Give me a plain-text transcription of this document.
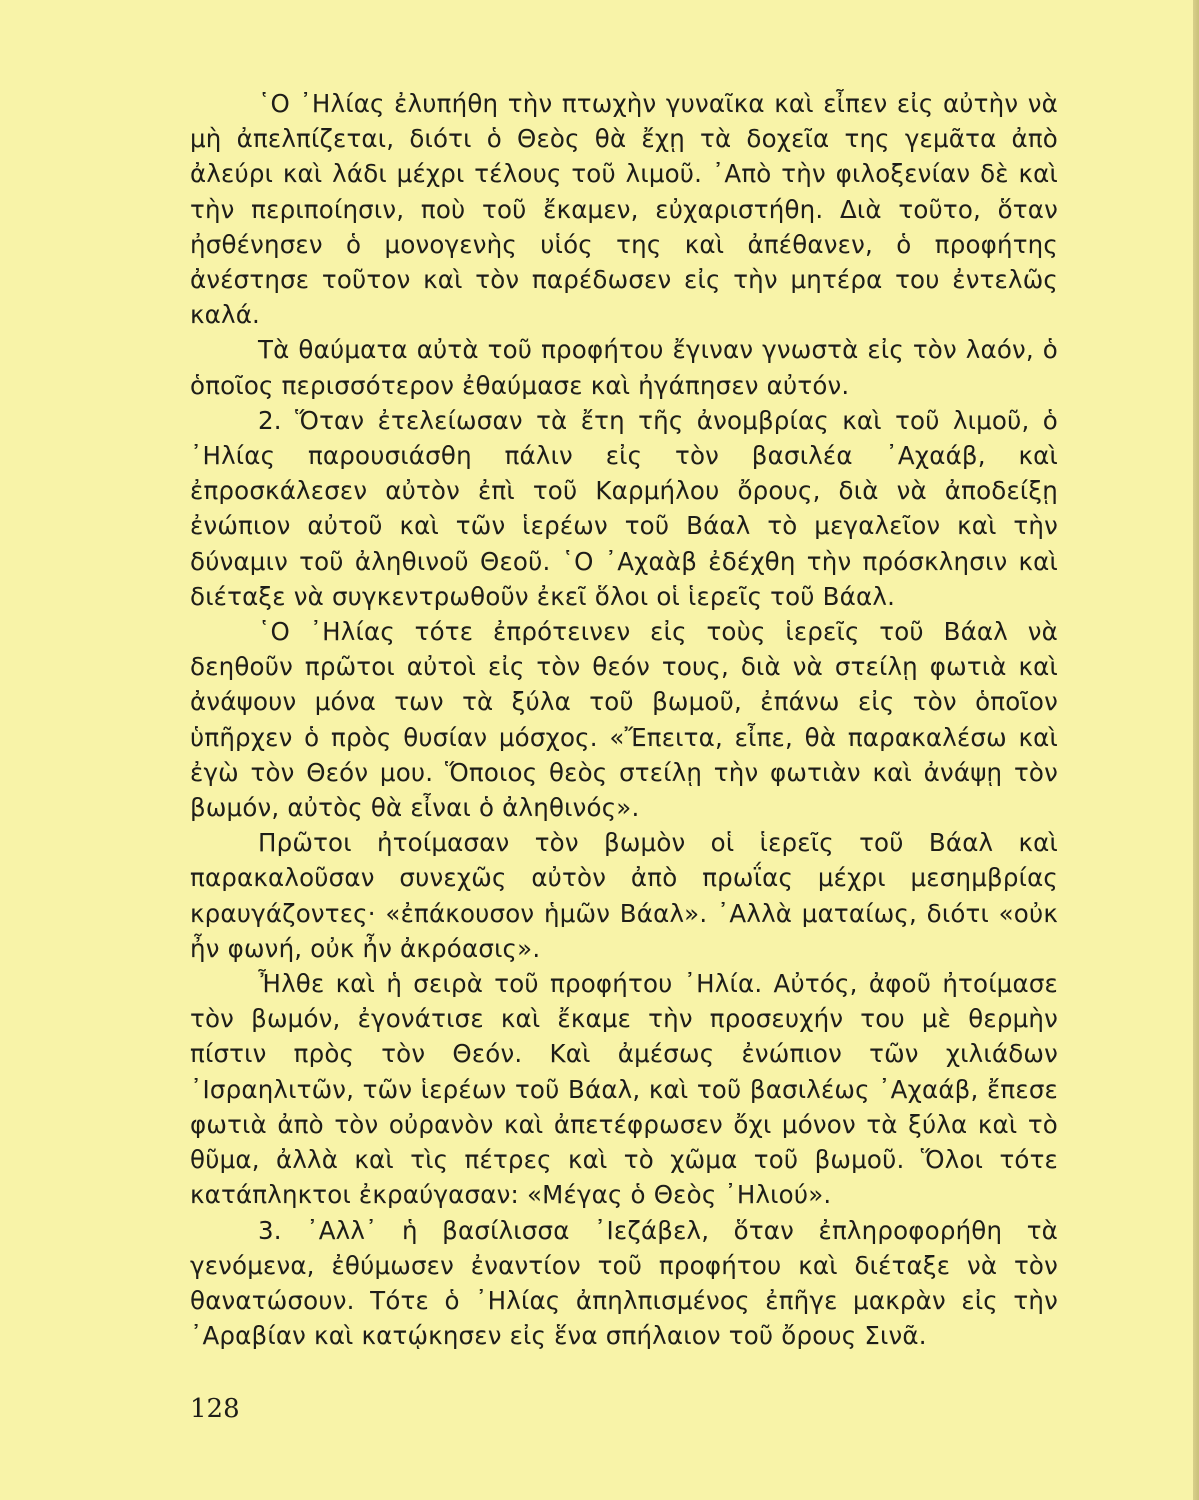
῾Ο ᾿Ηλίας ἐλυπήθη τὴν πτωχὴν γυναῖκα καὶ εἶπεν εἰς αὐτὴν νὰ μὴ ἀπελπίζεται, διότι ὁ Θεὸς θὰ ἔχῃ τὰ δοχεῖα της γεμᾶτα ἀπὸ ἀλεύρι καὶ λάδι μέχρι τέλους τοῦ λιμοῦ. ᾿Απὸ τὴν φιλοξενίαν δὲ καὶ τὴν περιποίησιν, ποὺ τοῦ ἔκαμεν, εὐχαριστήθη. Διὰ τοῦτο, ὅταν ἠσθένησεν ὁ μονογενὴς υἱός της καὶ ἀπέθανεν, ὁ προφήτης ἀνέστησε τοῦτον καὶ τὸν παρέδωσεν εἰς τὴν μητέρα του ἐντελῶς καλά.

Τὰ θαύματα αὐτὰ τοῦ προφήτου ἔγιναν γνωστὰ εἰς τὸν λαόν, ὁ ὁποῖος περισσότερον ἐθαύμασε καὶ ἠγάπησεν αὐτόν.

2. Ὅταν ἐτελείωσαν τὰ ἔτη τῆς ἀνομβρίας καὶ τοῦ λιμοῦ, ὁ ᾿Ηλίας παρουσιάσθη πάλιν εἰς τὸν βασιλέα ᾿Αχαάβ, καὶ ἐπροσκάλεσεν αὐτὸν ἐπὶ τοῦ Καρμήλου ὄρους, διὰ νὰ ἀποδείξῃ ἐνώπιον αὐτοῦ καὶ τῶν ἱερέων τοῦ Βάαλ τὸ μεγαλεῖον καὶ τὴν δύναμιν τοῦ ἀληθινοῦ Θεοῦ. ῾Ο ᾿Αχαὰβ ἐδέχθη τὴν πρόσκλησιν καὶ διέταξε νὰ συγκεντρωθοῦν ἐκεῖ ὅλοι οἱ ἱερεῖς τοῦ Βάαλ.

῾Ο ᾿Ηλίας τότε ἐπρότεινεν εἰς τοὺς ἱερεῖς τοῦ Βάαλ νὰ δεηθοῦν πρῶτοι αὐτοὶ εἰς τὸν θεόν τους, διὰ νὰ στείλῃ φωτιὰ καὶ ἀνάψουν μόνα των τὰ ξύλα τοῦ βωμοῦ, ἐπάνω εἰς τὸν ὁποῖον ὑπῆρχεν ὁ πρὸς θυσίαν μόσχος. «Ἔπειτα, εἶπε, θὰ παρακαλέσω καὶ ἐγὼ τὸν Θεόν μου. Ὅποιος θεὸς στείλῃ τὴν φωτιὰν καὶ ἀνάψῃ τὸν βωμόν, αὐτὸς θὰ εἶναι ὁ ἀληθινός».

Πρῶτοι ἠτοίμασαν τὸν βωμὸν οἱ ἱερεῖς τοῦ Βάαλ καὶ παρακαλοῦσαν συνεχῶς αὐτὸν ἀπὸ πρωΐας μέχρι μεσημβρίας κραυγάζοντες· «ἐπάκουσον ἡμῶν Βάαλ». ᾿Αλλὰ ματαίως, διότι «οὐκ ἦν φωνή, οὐκ ἦν ἀκρόασις».

Ἦλθε καὶ ἡ σειρὰ τοῦ προφήτου ᾿Ηλία. Αὐτός, ἀφοῦ ἠτοίμασε τὸν βωμόν, ἐγονάτισε καὶ ἔκαμε τὴν προσευχήν του μὲ θερμὴν πίστιν πρὸς τὸν Θεόν. Καὶ ἀμέσως ἐνώπιον τῶν χιλιάδων ᾿Ισραηλιτῶν, τῶν ἱερέων τοῦ Βάαλ, καὶ τοῦ βασιλέως ᾿Αχαάβ, ἔπεσε φωτιὰ ἀπὸ τὸν οὐρανὸν καὶ ἀπετέφρωσεν ὄχι μόνον τὰ ξύλα καὶ τὸ θῦμα, ἀλλὰ καὶ τὶς πέτρες καὶ τὸ χῶμα τοῦ βωμοῦ. Ὅλοι τότε κατάπληκτοι ἐκραύγασαν: «Μέγας ὁ Θεὸς ᾿Ηλιού».

3. ᾿Αλλ᾿ ἡ βασίλισσα ᾿Ιεζάβελ, ὅταν ἐπληροφορήθη τὰ γενόμενα, ἐθύμωσεν ἐναντίον τοῦ προφήτου καὶ διέταξε νὰ τὸν θανατώσουν. Τότε ὁ ᾿Ηλίας ἀπηλπισμένος ἐπῆγε μακρὰν εἰς τὴν ᾿Αραβίαν καὶ κατῴκησεν εἰς ἕνα σπήλαιον τοῦ ὄρους Σινᾶ.

128
